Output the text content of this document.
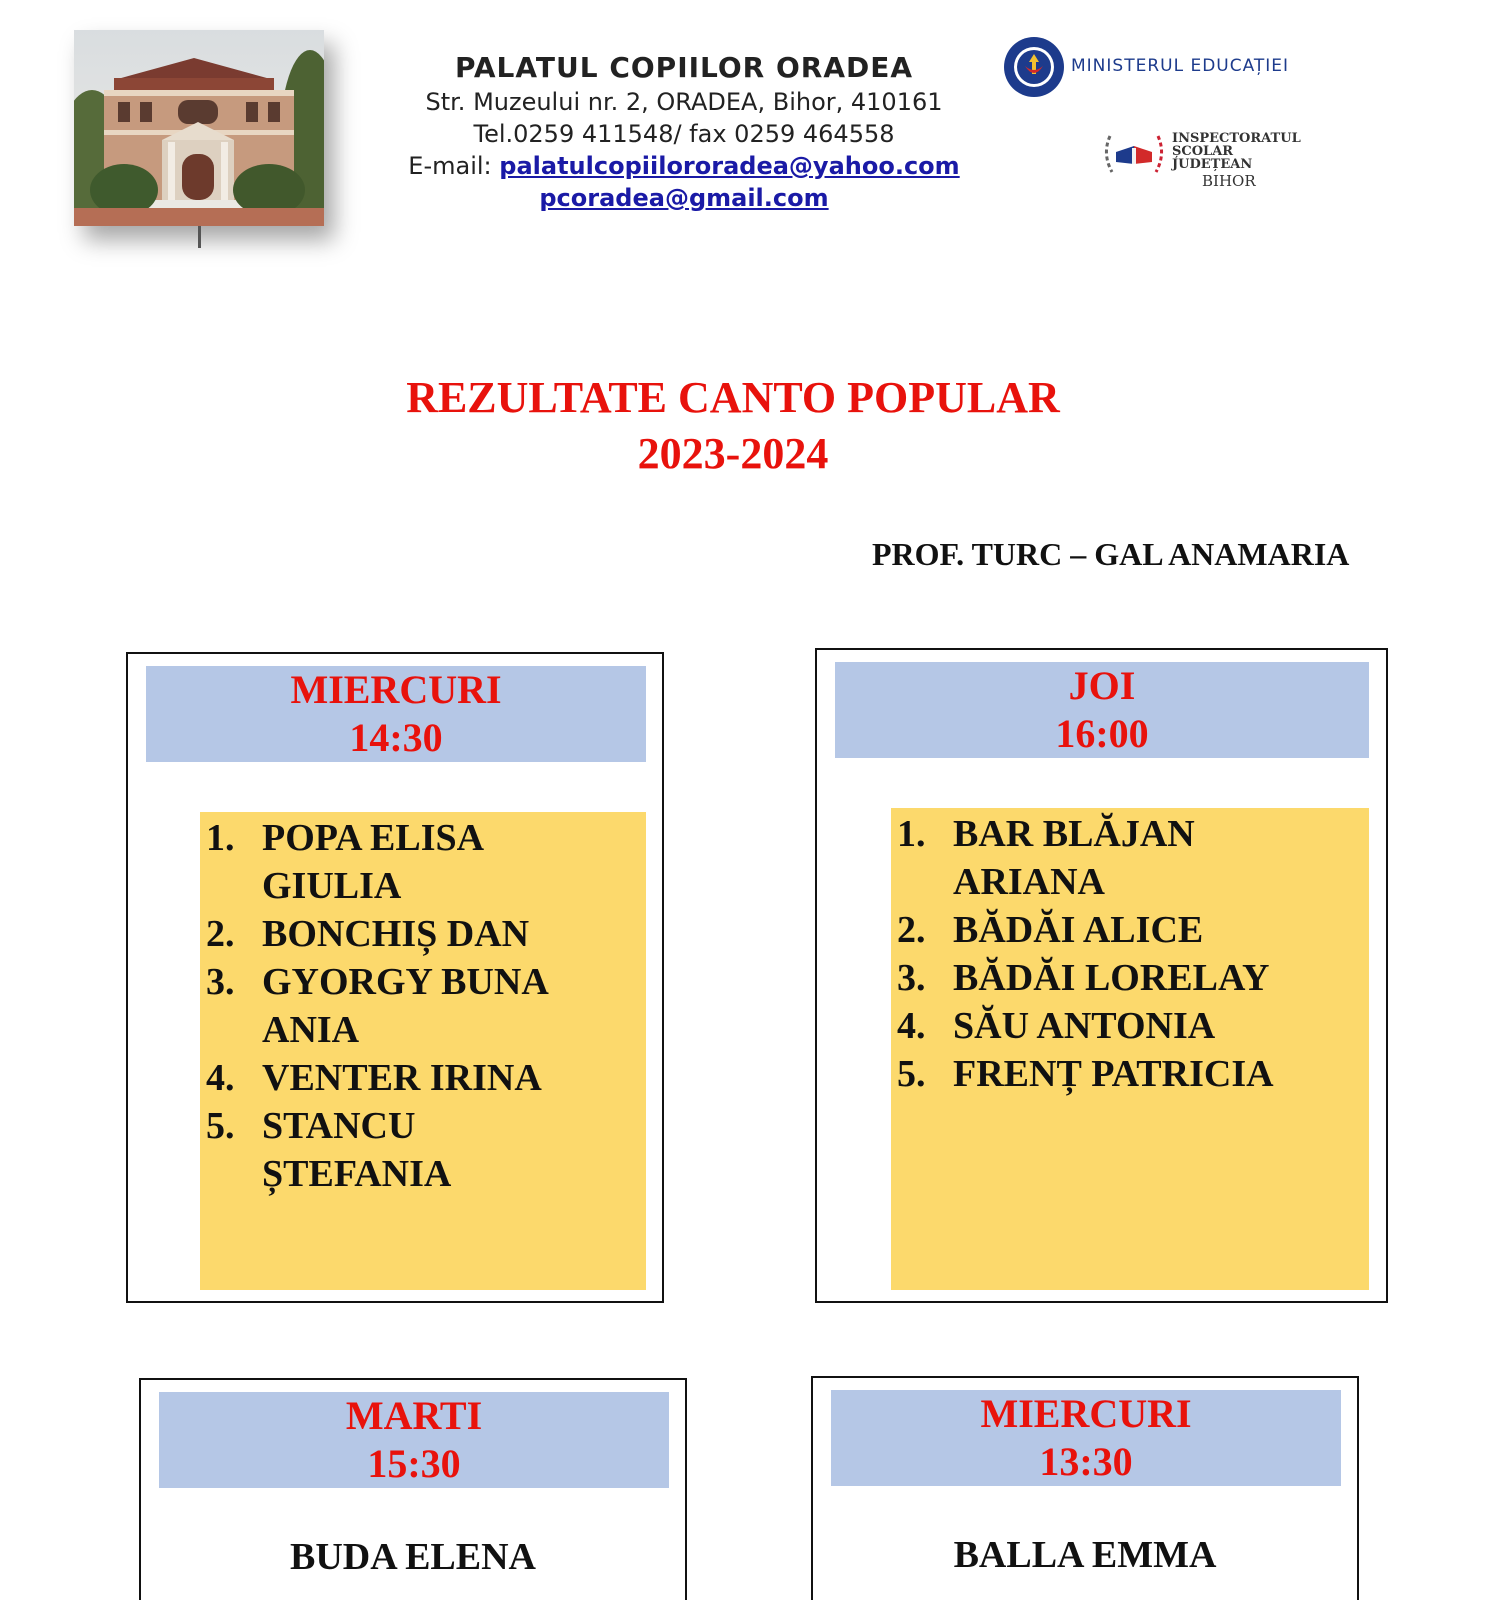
PALATUL COPIILOR ORADEA
Str. Muzeului nr. 2, ORADEA, Bihor, 410161
Tel.0259 411548/ fax 0259 464558
E-mail: palatulcopiilororadea@yahoo.com
pcoradea@gmail.com
MINISTERUL EDUCAȚIEI
INSPECTORATUL
ȘCOLAR JUDEȚEAN
BIHOR
REZULTATE CANTO POPULAR
2023-2024
PROF. TURC – GAL ANAMARIA
MIERCURI
14:30
1. POPA ELISA
GIULIA
2. BONCHIȘ DAN
3. GYORGY BUNA
ANIA
4. VENTER IRINA
5. STANCU
ȘTEFANIA
JOI
16:00
1. BAR BLĂJAN
ARIANA
2. BĂDĂI ALICE
3. BĂDĂI LORELAY
4. SĂU ANTONIA
5. FRENȚ PATRICIA
MARTI
15:30
BUDA ELENA
MIERCURI
13:30
BALLA EMMA
